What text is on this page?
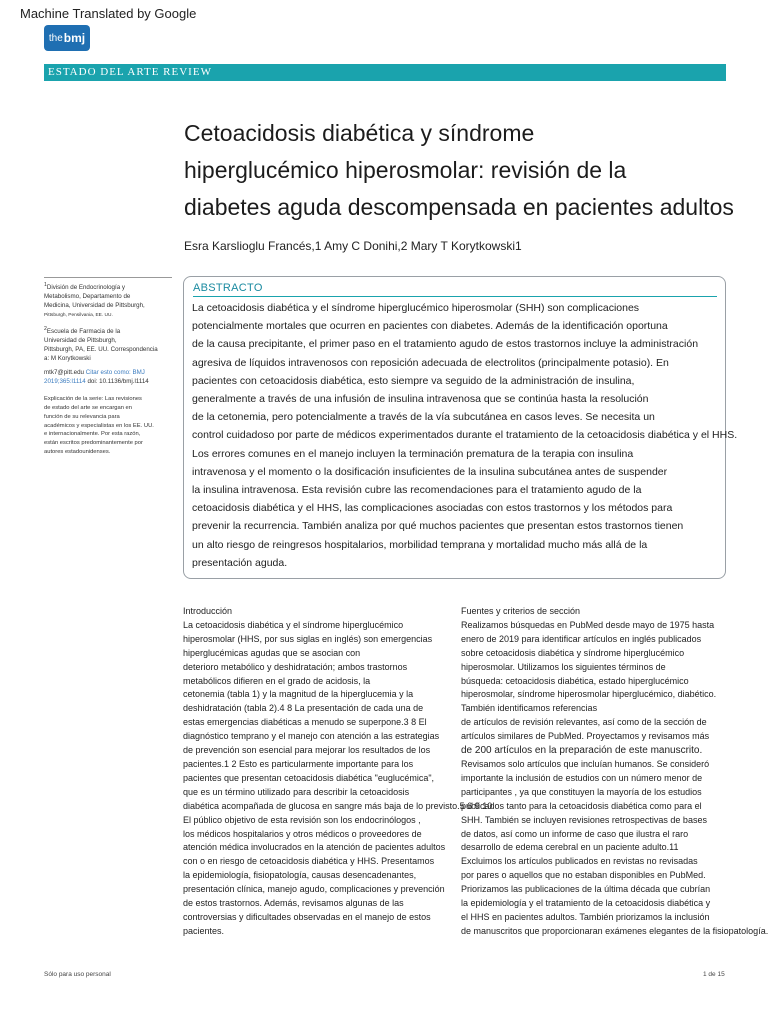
Machine Translated by Google
the bmj
ESTADO DEL ARTE REVIEW
Cetoacidosis diabética y síndrome
hiperglucémico hiperosmolar: revisión de la
diabetes aguda descompensada en pacientes adultos
Esra Karslioglu Francés,1 Amy C Donihi,2 Mary T Korytkowski1

$^1$División de Endocrinología y
Metabolismo, Departamento de
Medicina, Universidad de Pittsburgh,
Pittsburgh, Pensilvania, EE. UU.

$^2$Escuela de Farmacia de la
Universidad de Pittsburgh,
Pittsburgh, PA, EE. UU. Correspondencia
a: M Korytkowski

mtk7@pitt.edu Citar esto como: BMJ
2019;365:l1114 doi: 10.1136/bmj.l1114

Explicación de la serie: Las revisiones
de estado del arte se encargan en
función de su relevancia para
académicos y especialistas en los EE. UU.
e internacionalmente. Por esta razón,
están escritos predominantemente por
autores estadounidenses.
ABSTRACTO
La cetoacidosis diabética y el síndrome hiperglucémico hiperosmolar (SHH) son complicaciones
potencialmente mortales que ocurren en pacientes con diabetes. Además de la identificación oportuna
de la causa precipitante, el primer paso en el tratamiento agudo de estos trastornos incluye la administración
agresiva de líquidos intravenosos con reposición adecuada de electrolitos (principalmente potasio). En
pacientes con cetoacidosis diabética, esto siempre va seguido de la administración de insulina,
generalmente a través de una infusión de insulina intravenosa que se continúa hasta la resolución
de la cetonemia, pero potencialmente a través de la vía subcutánea en casos leves. Se necesita un
control cuidadoso por parte de médicos experimentados durante el tratamiento de la cetoacidosis diabética y el HHS.
Los errores comunes en el manejo incluyen la terminación prematura de la terapia con insulina
intravenosa y el momento o la dosificación insuficientes de la insulina subcutánea antes de suspender
la insulina intravenosa. Esta revisión cubre las recomendaciones para el tratamiento agudo de la
cetoacidosis diabética y el HHS, las complicaciones asociadas con estos trastornos y los métodos para
prevenir la recurrencia. También analiza por qué muchos pacientes que presentan estos trastornos tienen
un alto riesgo de reingresos hospitalarios, morbilidad temprana y mortalidad mucho más allá de la
presentación aguda.
Introducción
La cetoacidosis diabética y el síndrome hiperglucémico
hiperosmolar (HHS, por sus siglas en inglés) son emergencias
hiperglucémicas agudas que se asocian con
deterioro metabólico y deshidratación; ambos trastornos
metabólicos difieren en el grado de acidosis, la
cetonemia (tabla 1) y la magnitud de la hiperglucemia y la
deshidratación (tabla 2).4 8 La presentación de cada una de
estas emergencias diabéticas a menudo se superpone.3 8 El
diagnóstico temprano y el manejo con atención a las estrategias
de prevención son esencial para mejorar los resultados de los
pacientes.1 2 Esto es particularmente importante para los
pacientes que presentan cetoacidosis diabética "euglucémica",
que es un término utilizado para describir la cetoacidosis
diabética acompañada de glucosa en sangre más baja de lo previsto.5 6 9 10
El público objetivo de esta revisión son los endocrinólogos ,
los médicos hospitalarios y otros médicos o proveedores de
atención médica involucrados en la atención de pacientes adultos
con o en riesgo de cetoacidosis diabética y HHS. Presentamos
la epidemiología, fisiopatología, causas desencadenantes,
presentación clínica, manejo agudo, complicaciones y prevención
de estos trastornos. Además, revisamos algunas de las
controversias y dificultades observadas en el manejo de estos
pacientes.
Fuentes y criterios de sección
Realizamos búsquedas en PubMed desde mayo de 1975 hasta
enero de 2019 para identificar artículos en inglés publicados
sobre cetoacidosis diabética y síndrome hiperglucémico
hiperosmolar. Utilizamos los siguientes términos de
búsqueda: cetoacidosis diabética, estado hiperglucémico
hiperosmolar, síndrome hiperosmolar hiperglucémico, diabético.
También identificamos referencias
de artículos de revisión relevantes, así como de la sección de
artículos similares de PubMed. Proyectamos y revisamos más
de 200 artículos en la preparación de este manuscrito.
Revisamos solo artículos que incluían humanos. Se consideró
importante la inclusión de estudios con un número menor de
participantes , ya que constituyen la mayoría de los estudios
publicados tanto para la cetoacidosis diabética como para el
SHH. También se incluyen revisiones retrospectivas de bases
de datos, así como un informe de caso que ilustra el raro
desarrollo de edema cerebral en un paciente adulto.11
Excluimos los artículos publicados en revistas no revisadas
por pares o aquellos que no estaban disponibles en PubMed.
Priorizamos las publicaciones de la última década que cubrían
la epidemiología y el tratamiento de la cetoacidosis diabética y
el HHS en pacientes adultos. También priorizamos la inclusión
de manuscritos que proporcionaran exámenes elegantes de la fisiopatología.
Sólo para uso personal	1 de 15
